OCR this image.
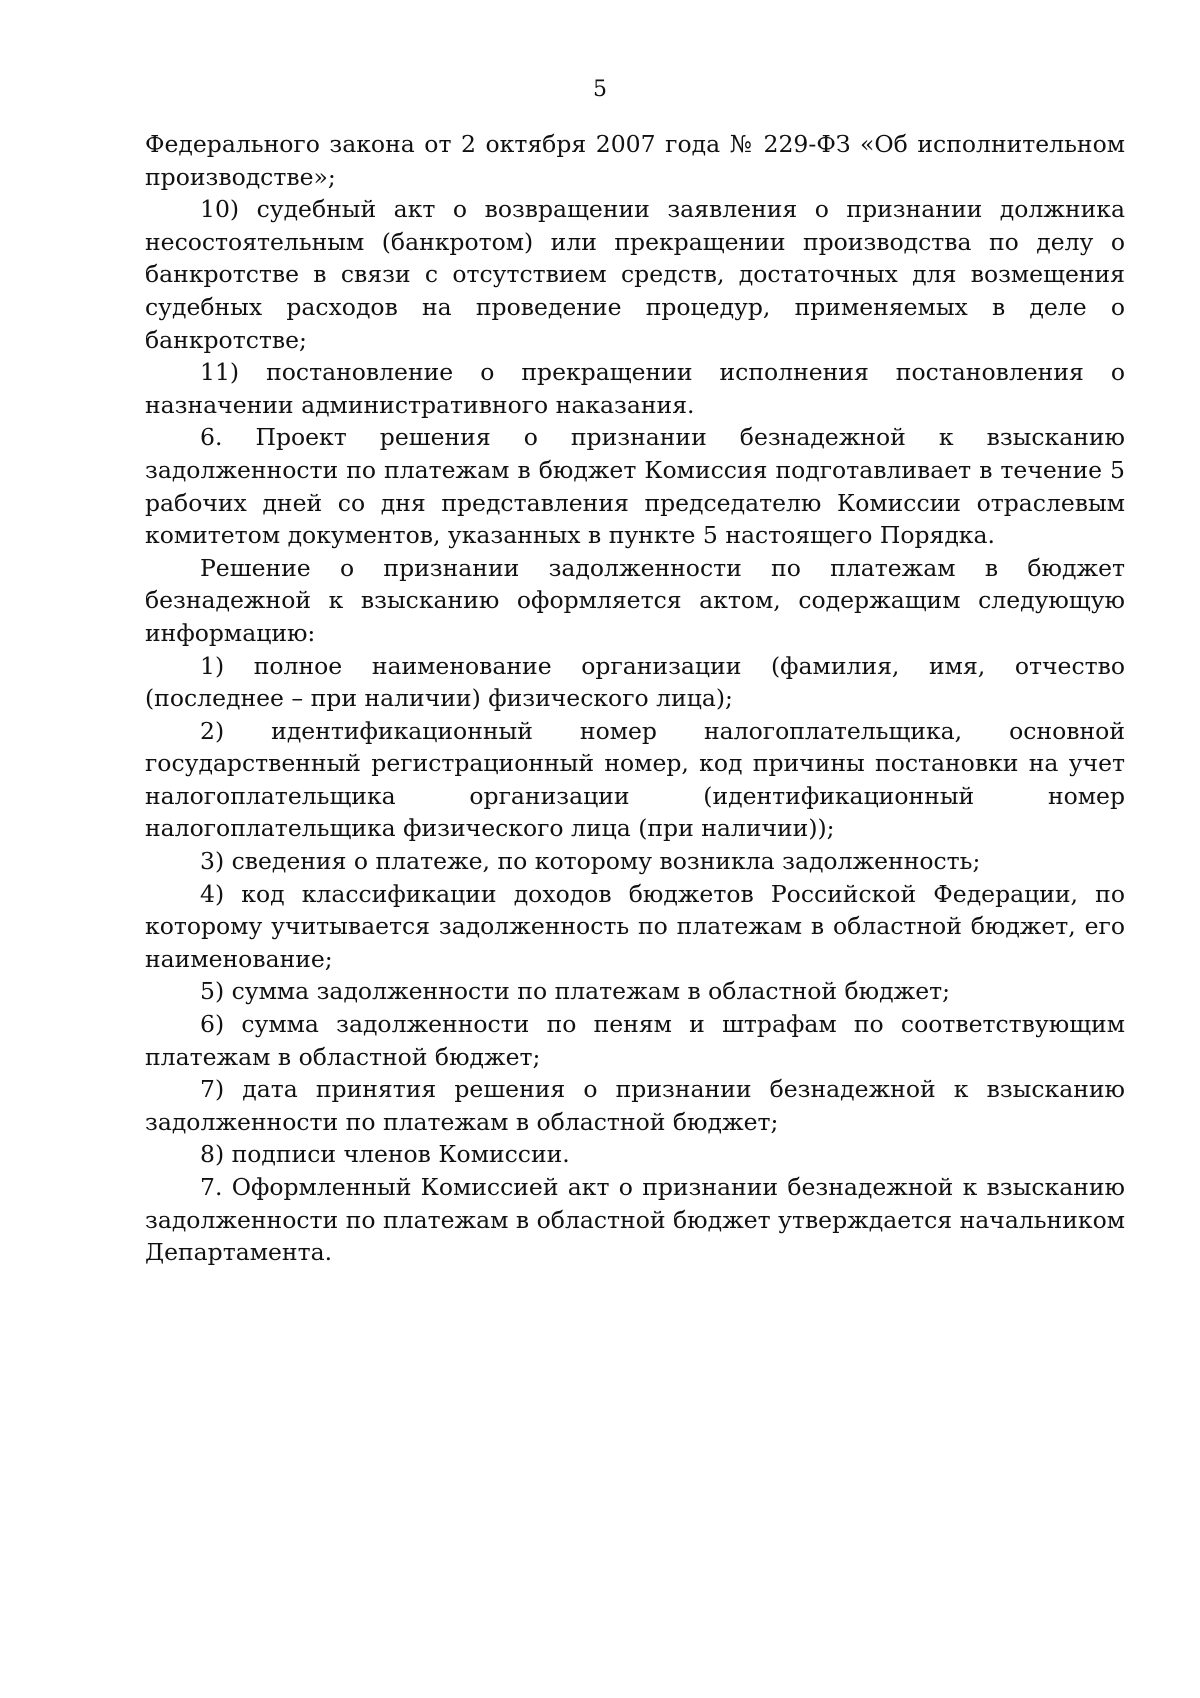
5

Федерального закона от 2 октября 2007 года № 229-ФЗ «Об исполнительном производстве»;

10) судебный акт о возвращении заявления о признании должника несостоятельным (банкротом) или прекращении производства по делу о банкротстве в связи с отсутствием средств, достаточных для возмещения судебных расходов на проведение процедур, применяемых в деле о банкротстве;

11) постановление о прекращении исполнения постановления о назначении административного наказания.

6. Проект решения о признании безнадежной к взысканию задолженности по платежам в бюджет Комиссия подготавливает в течение 5 рабочих дней со дня представления председателю Комиссии отраслевым комитетом документов, указанных в пункте 5 настоящего Порядка.

Решение о признании задолженности по платежам в бюджет безнадежной к взысканию оформляется актом, содержащим следующую информацию:

1) полное наименование организации (фамилия, имя, отчество (последнее – при наличии) физического лица);

2) идентификационный номер налогоплательщика, основной государственный регистрационный номер, код причины постановки на учет налогоплательщика организации (идентификационный номер налогоплательщика физического лица (при наличии));

3) сведения о платеже, по которому возникла задолженность;

4) код классификации доходов бюджетов Российской Федерации, по которому учитывается задолженность по платежам в областной бюджет, его наименование;

5) сумма задолженности по платежам в областной бюджет;

6) сумма задолженности по пеням и штрафам по соответствующим платежам в областной бюджет;

7) дата принятия решения о признании безнадежной к взысканию задолженности по платежам в областной бюджет;

8) подписи членов Комиссии.

7. Оформленный Комиссией акт о признании безнадежной к взысканию задолженности по платежам в областной бюджет утверждается начальником Департамента.
